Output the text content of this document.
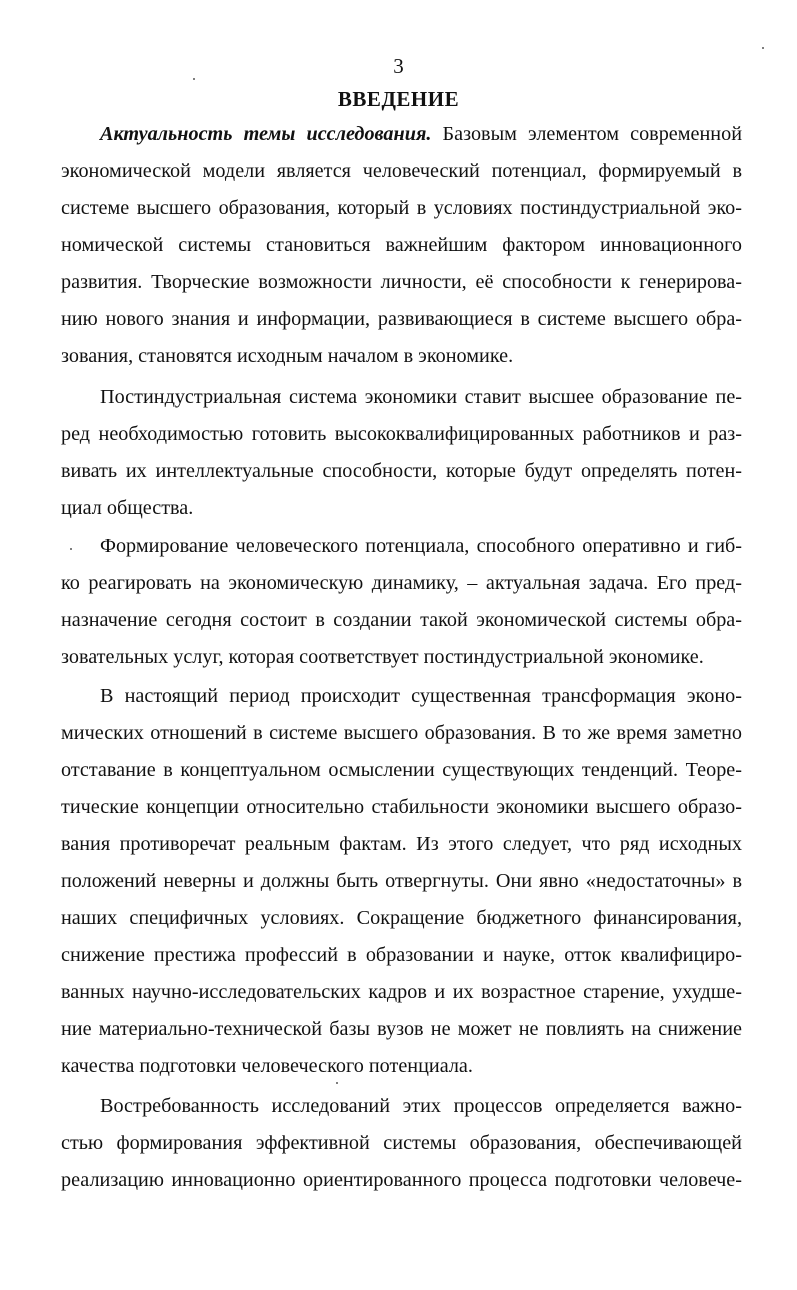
3
ВВЕДЕНИЕ
Актуальность темы исследования. Базовым элементом современной
экономической модели является человеческий потенциал, формируемый в
системе высшего образования, который в условиях постиндустриальной эко-
номической системы становиться важнейшим фактором инновационного
развития. Творческие возможности личности, её способности к генерирова-
нию нового знания и информации, развивающиеся в системе высшего обра-
зования, становятся исходным началом в экономике.
Постиндустриальная система экономики ставит высшее образование пе-
ред необходимостью готовить высококвалифицированных работников и раз-
вивать их интеллектуальные способности, которые будут определять потен-
циал общества.
Формирование человеческого потенциала, способного оперативно и гиб-
ко реагировать на экономическую динамику, – актуальная задача. Его пред-
назначение сегодня состоит в создании такой экономической системы обра-
зовательных услуг, которая соответствует постиндустриальной экономике.
В настоящий период происходит существенная трансформация эконо-
мических отношений в системе высшего образования. В то же время заметно
отставание в концептуальном осмыслении существующих тенденций. Теоре-
тические концепции относительно стабильности экономики высшего образо-
вания противоречат реальным фактам. Из этого следует, что ряд исходных
положений неверны и должны быть отвергнуты. Они явно «недостаточны» в
наших специфичных условиях. Сокращение бюджетного финансирования,
снижение престижа профессий в образовании и науке, отток квалифициро-
ванных научно-исследовательских кадров и их возрастное старение, ухудше-
ние материально-технической базы вузов не может не повлиять на снижение
качества подготовки человеческого потенциала.
Востребованность исследований этих процессов определяется важно-
стью формирования эффективной системы образования, обеспечивающей
реализацию инновационно ориентированного процесса подготовки человече-
